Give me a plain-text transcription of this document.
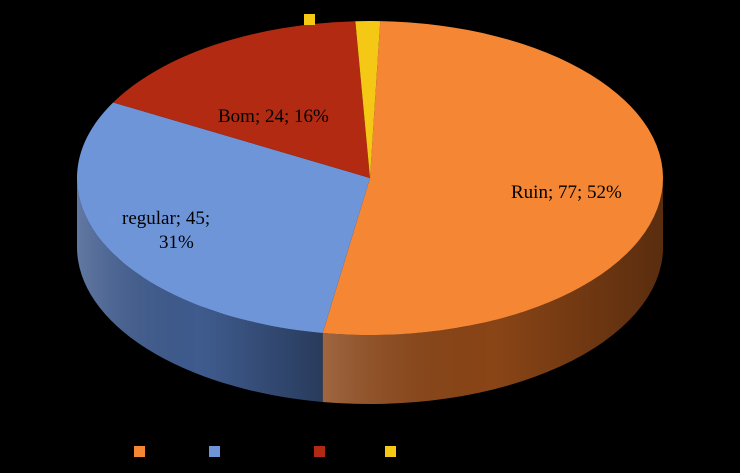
Ruin; 77; 52%
regular; 45;
31%
Bom; 24; 16%
